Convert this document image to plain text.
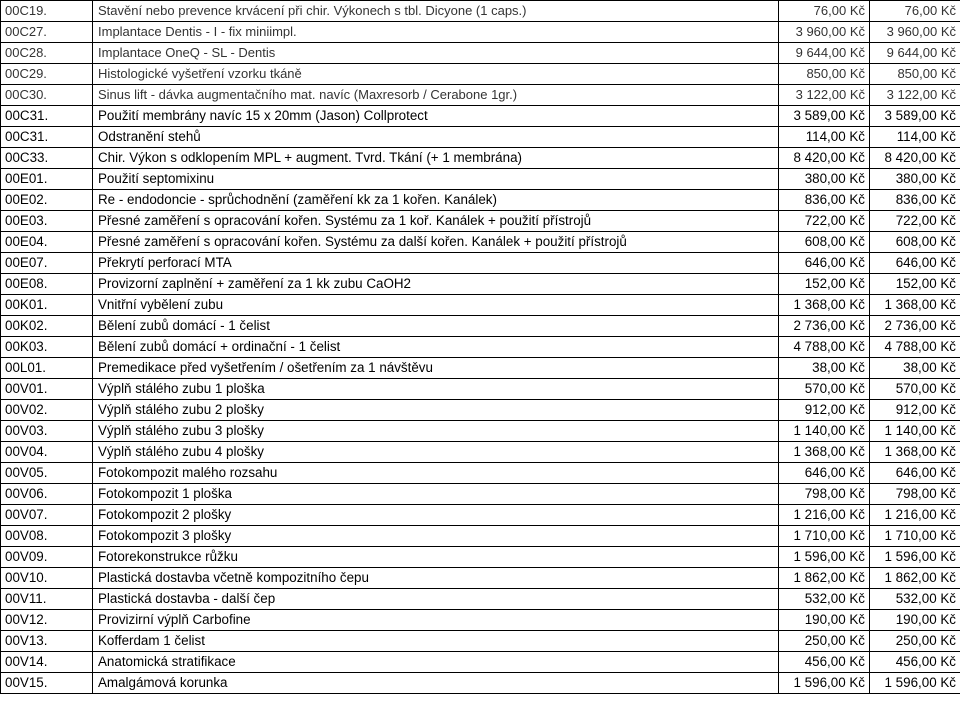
00C19.	Stavění nebo prevence krvácení při chir. Výkonech s tbl. Dicyone (1 caps.)	76,00 Kč	76,00 Kč
00C27.	Implantace Dentis - I - fix miniimpl.	3 960,00 Kč	3 960,00 Kč
00C28.	Implantace OneQ - SL - Dentis	9 644,00 Kč	9 644,00 Kč
00C29.	Histologické vyšetření vzorku tkáně	850,00 Kč	850,00 Kč
00C30.	Sinus lift - dávka augmentačního mat. navíc (Maxresorb / Cerabone 1gr.)	3 122,00 Kč	3 122,00 Kč
00C31.	Použití membrány navíc 15 x 20mm (Jason) Collprotect	3 589,00 Kč	3 589,00 Kč
00C31.	Odstranění stehů	114,00 Kč	114,00 Kč
00C33.	Chir. Výkon s odklopením MPL + augment. Tvrd. Tkání (+ 1 membrána)	8 420,00 Kč	8 420,00 Kč
00E01.	Použití septomixinu	380,00 Kč	380,00 Kč
00E02.	Re - endodoncie - sprůchodnění (zaměření kk za 1 kořen. Kanálek)	836,00 Kč	836,00 Kč
00E03.	Přesné zaměření s opracování kořen. Systému za 1 koř. Kanálek + použití přístrojů	722,00 Kč	722,00 Kč
00E04.	Přesné zaměření s opracování kořen. Systému za další kořen. Kanálek + použití přístrojů	608,00 Kč	608,00 Kč
00E07.	Překrytí perforací MTA	646,00 Kč	646,00 Kč
00E08.	Provizorní zaplnění + zaměření za 1 kk zubu CaOH2	152,00 Kč	152,00 Kč
00K01.	Vnitřní vybělení zubu	1 368,00 Kč	1 368,00 Kč
00K02.	Bělení zubů domácí - 1 čelist	2 736,00 Kč	2 736,00 Kč
00K03.	Bělení zubů domácí + ordinační - 1 čelist	4 788,00 Kč	4 788,00 Kč
00L01.	Premedikace před vyšetřením / ošetřením za 1 návštěvu	38,00 Kč	38,00 Kč
00V01.	Výplň stálého zubu 1 ploška	570,00 Kč	570,00 Kč
00V02.	Výplň stálého zubu 2 plošky	912,00 Kč	912,00 Kč
00V03.	Výplň stálého zubu 3 plošky	1 140,00 Kč	1 140,00 Kč
00V04.	Výplň stálého zubu 4 plošky	1 368,00 Kč	1 368,00 Kč
00V05.	Fotokompozit malého rozsahu	646,00 Kč	646,00 Kč
00V06.	Fotokompozit 1 ploška	798,00 Kč	798,00 Kč
00V07.	Fotokompozit 2 plošky	1 216,00 Kč	1 216,00 Kč
00V08.	Fotokompozit 3 plošky	1 710,00 Kč	1 710,00 Kč
00V09.	Fotorekonstrukce růžku	1 596,00 Kč	1 596,00 Kč
00V10.	Plastická dostavba včetně kompozitního čepu	1 862,00 Kč	1 862,00 Kč
00V11.	Plastická dostavba - další čep	532,00 Kč	532,00 Kč
00V12.	Provizirní výplň Carbofine	190,00 Kč	190,00 Kč
00V13.	Kofferdam 1 čelist	250,00 Kč	250,00 Kč
00V14.	Anatomická stratifikace	456,00 Kč	456,00 Kč
00V15.	Amalgámová korunka	1 596,00 Kč	1 596,00 Kč
